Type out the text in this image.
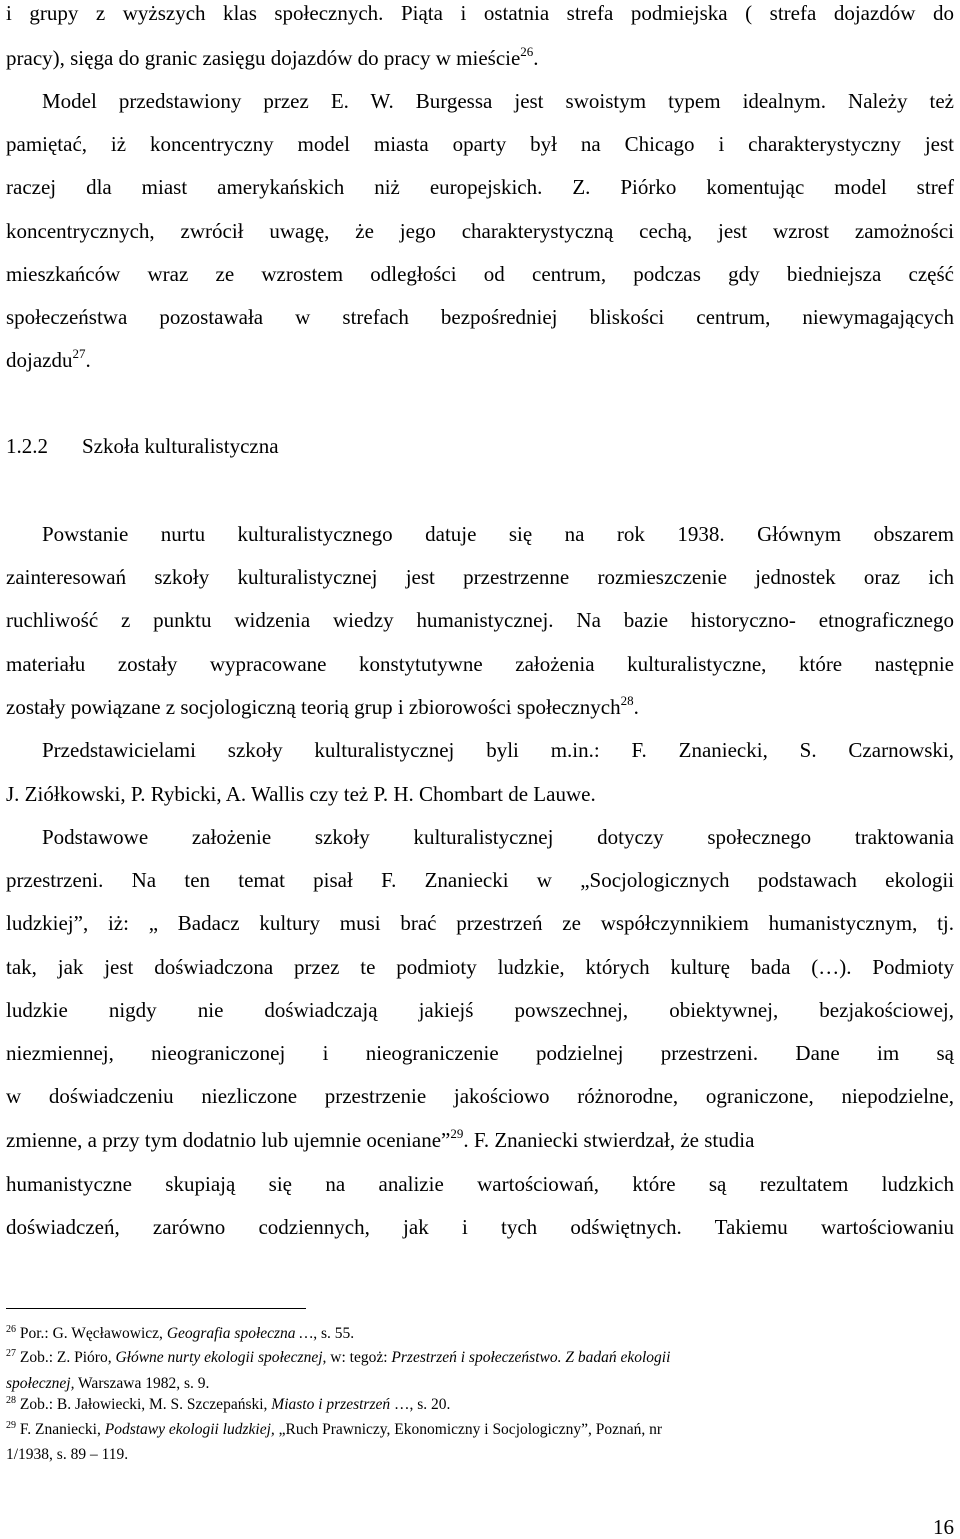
i grupy z wyższych klas społecznych. Piąta i ostatnia strefa podmiejska ( strefa dojazdów do
pracy), sięga do granic zasięgu dojazdów do pracy w mieście$^{26}$.
Model przedstawiony przez E. W. Burgessa jest swoistym typem idealnym. Należy też
pamiętać, iż koncentryczny model miasta oparty był na Chicago i charakterystyczny jest
raczej dla miast amerykańskich niż europejskich. Z. Piórko komentując model stref
koncentrycznych, zwrócił uwagę, że jego charakterystyczną cechą, jest wzrost zamożności
mieszkańców wraz ze wzrostem odległości od centrum, podczas gdy biedniejsza część
społeczeństwa pozostawała w strefach bezpośredniej bliskości centrum, niewymagających
dojazdu$^{27}$.
1.2.2 Szkoła kulturalistyczna
Powstanie nurtu kulturalistycznego datuje się na rok 1938. Głównym obszarem
zainteresowań szkoły kulturalistycznej jest przestrzenne rozmieszczenie jednostek oraz ich
ruchliwość z punktu widzenia wiedzy humanistycznej. Na bazie historyczno- etnograficznego
materiału zostały wypracowane konstytutywne założenia kulturalistyczne, które następnie
zostały powiązane z socjologiczną teorią grup i zbiorowości społecznych$^{28}$.
Przedstawicielami szkoły kulturalistycznej byli m.in.: F. Znaniecki, S. Czarnowski,
J. Ziółkowski, P. Rybicki, A. Wallis czy też P. H. Chombart de Lauwe.
Podstawowe założenie szkoły kulturalistycznej dotyczy społecznego traktowania
przestrzeni. Na ten temat pisał F. Znaniecki w „Socjologicznych podstawach ekologii
ludzkiej”, iż: „ Badacz kultury musi brać przestrzeń ze współczynnikiem humanistycznym, tj.
tak, jak jest doświadczona przez te podmioty ludzkie, których kulturę bada (…). Podmioty
ludzkie nigdy nie doświadczają jakiejś powszechnej, obiektywnej, bezjakościowej,
niezmiennej, nieograniczonej i nieograniczenie podzielnej przestrzeni. Dane im są
w doświadczeniu niezliczone przestrzenie jakościowo różnorodne, ograniczone, niepodzielne,
zmienne, a przy tym dodatnio lub ujemnie oceniane”$^{29}$. F. Znaniecki stwierdzał, że studia
humanistyczne skupiają się na analizie wartościowań, które są rezultatem ludzkich
doświadczeń, zarówno codziennych, jak i tych odświętnych. Takiemu wartościowaniu
$^{26}$ Por.: G. Węcławowicz, Geografia społeczna …, s. 55.
$^{27}$ Zob.: Z. Pióro, Główne nurty ekologii społecznej, w: tegoż: Przestrzeń i społeczeństwo. Z badań ekologii
społecznej, Warszawa 1982, s. 9.
$^{28}$ Zob.: B. Jałowiecki, M. S. Szczepański, Miasto i przestrzeń …, s. 20.
$^{29}$ F. Znaniecki, Podstawy ekologii ludzkiej, „Ruch Prawniczy, Ekonomiczny i Socjologiczny”, Poznań, nr
1/1938, s. 89 – 119.
16
